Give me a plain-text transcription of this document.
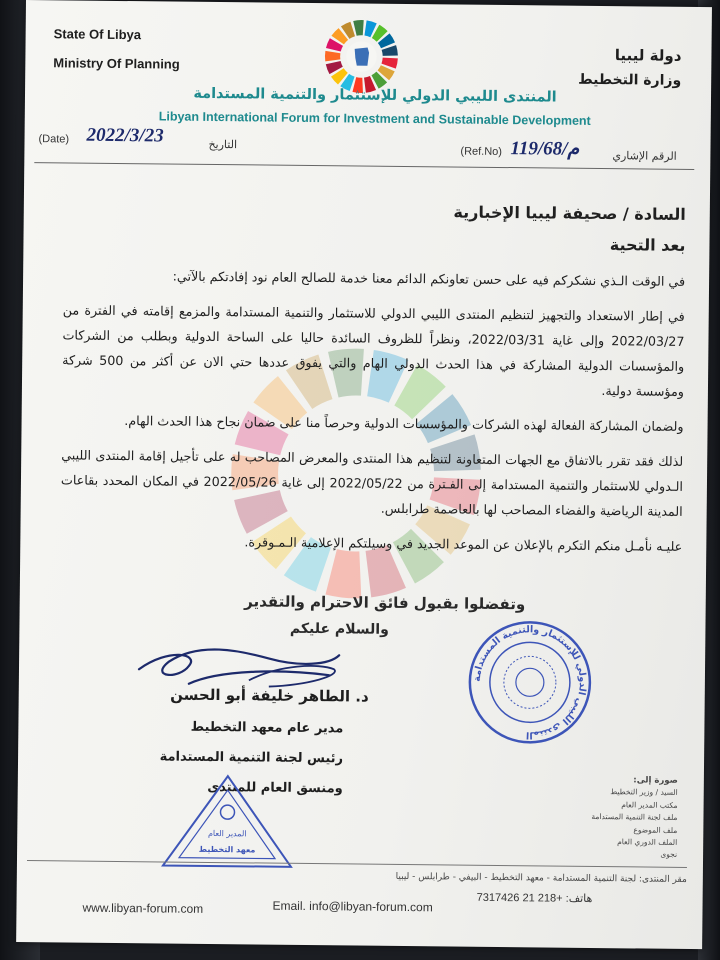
State Of Libya
Ministry Of Planning	دولة ليبيا
وزارة التخطيط
المنتدى الليبي الدولي للإستثمار والتنمية المستدامة
Libyan International Forum for Investment and Sustainable Development
(Date) 2022/3/23	التاريخ
(Ref.No) 119/68/م	الرقم الإشاري

السادة / صحيفة ليبيا الإخبارية

بعد التحية

في الوقت الـذي نشكركم فيه على حسن تعاونكم الدائم معنا خدمة للصالح العام نود إفادتكم بالآتي:

في إطار الاستعداد والتجهيز لتنظيم المنتدى الليبي الدولي للاستثمار والتنمية المستدامة والمزمع إقامته في الفترة من 2022/03/27 وإلى غاية 2022/03/31، ونظراً للظروف السائدة حاليا على الساحة الدولية وبطلب من الشركات والمؤسسات الدولية المشاركة في هذا الحدث الدولي الهام والتي يفوق عددها حتي الان عن أكثر من 500 شركة ومؤسسة دولية.

ولضمان المشاركة الفعالة لهذه الشركات والمؤسسات الدولية وحرصاً منا على ضمان نجاح هذا الحدث الهام.

لذلك فقد تقرر بالاتفاق مع الجهات المتعاونة لتنظيم هذا المنتدى والمعرض المصاحب له على تأجيل إقامة المنتدى الليبي الـدولي للاستثمار والتنمية المستدامة إلى الفـترة من 2022/05/22 إلى غاية 2022/05/26 في المكان المحدد بقاعات المدينة الرياضية والفضاء المصاحب لها بالعاصمة طرابلس.

عليـه نأمـل منكم التكرم بالإعلان عن الموعد الجديد في وسيلتكم الإعلامية الـمـوقرة.

وتفضلوا بقبول فائق الاحترام والتقدير
والسلام عليكم
د. الطاهر خليفة أبو الحسن
مدير عام معهد التخطيط
رئيس لجنة التنمية المستدامة
ومنسق العام للمنتدى
المنتدى الليبي الدولي للإستثمار والتنمية المستدامة
المدير العام
معهد التخطيط
صورة إلى:
السيد / وزير التخطيط
مكتب المدير العام
ملف لجنة التنمية المستدامة
ملف الموضوع
الملف الدوري العام
نجوى
مقر المنتدى: لجنة التنمية المستدامة - معهد التخطيط - البيفي - طرابلس - ليبيا
هاتف: +218 21 7317426
Email. info@libyan-forum.com
www.libyan-forum.com
